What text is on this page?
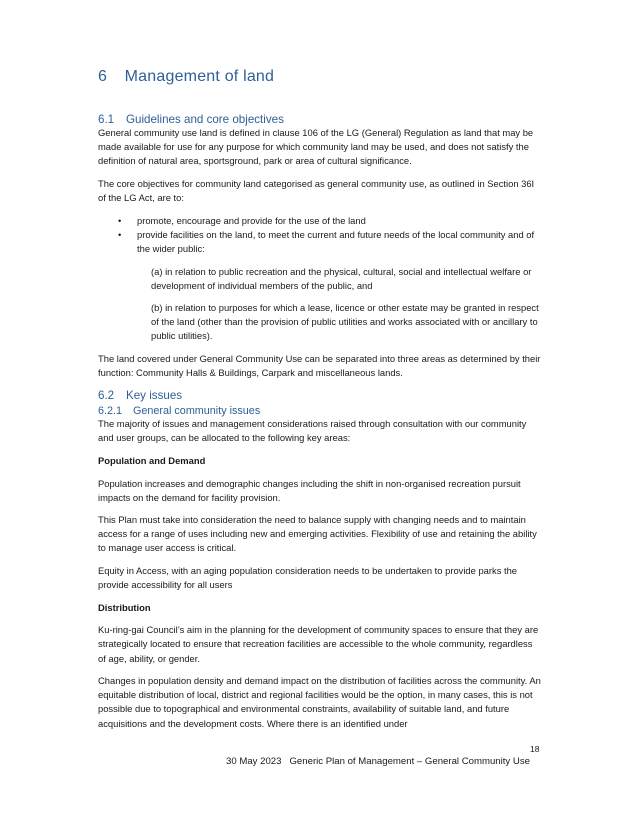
6 Management of land
6.1 Guidelines and core objectives

General community use land is defined in clause 106 of the LG (General) Regulation as land that may be made available for use for any purpose for which community land may be used, and does not satisfy the definition of natural area, sportsground, park or area of cultural significance.

The core objectives for community land categorised as general community use, as outlined in Section 36I of the LG Act, are to:

• promote, encourage and provide for the use of the land
• provide facilities on the land, to meet the current and future needs of the local community and of the wider public:

(a) in relation to public recreation and the physical, cultural, social and intellectual welfare or development of individual members of the public, and

(b) in relation to purposes for which a lease, licence or other estate may be granted in respect of the land (other than the provision of public utilities and works associated with or ancillary to public utilities).

The land covered under General Community Use can be separated into three areas as determined by their function: Community Halls & Buildings, Carpark and miscellaneous lands.

6.2 Key issues
6.2.1 General community issues

The majority of issues and management considerations raised through consultation with our community and user groups, can be allocated to the following key areas:

Population and Demand

Population increases and demographic changes including the shift in non-organised recreation pursuit impacts on the demand for facility provision.

This Plan must take into consideration the need to balance supply with changing needs and to maintain access for a range of uses including new and emerging activities. Flexibility of use and retaining the ability to manage user access is critical.

Equity in Access, with an aging population consideration needs to be undertaken to provide parks the provide accessibility for all users

Distribution

Ku-ring-gai Council’s aim in the planning for the development of community spaces to ensure that they are strategically located to ensure that recreation facilities are accessible to the whole community, regardless of age, ability, or gender.

Changes in population density and demand impact on the distribution of facilities across the community. An equitable distribution of local, district and regional facilities would be the option, in many cases, this is not possible due to topographical and environmental constraints, availability of suitable land, and future acquisitions and the development costs. Where there is an identified under

18
30 May 2023 Generic Plan of Management – General Community Use
